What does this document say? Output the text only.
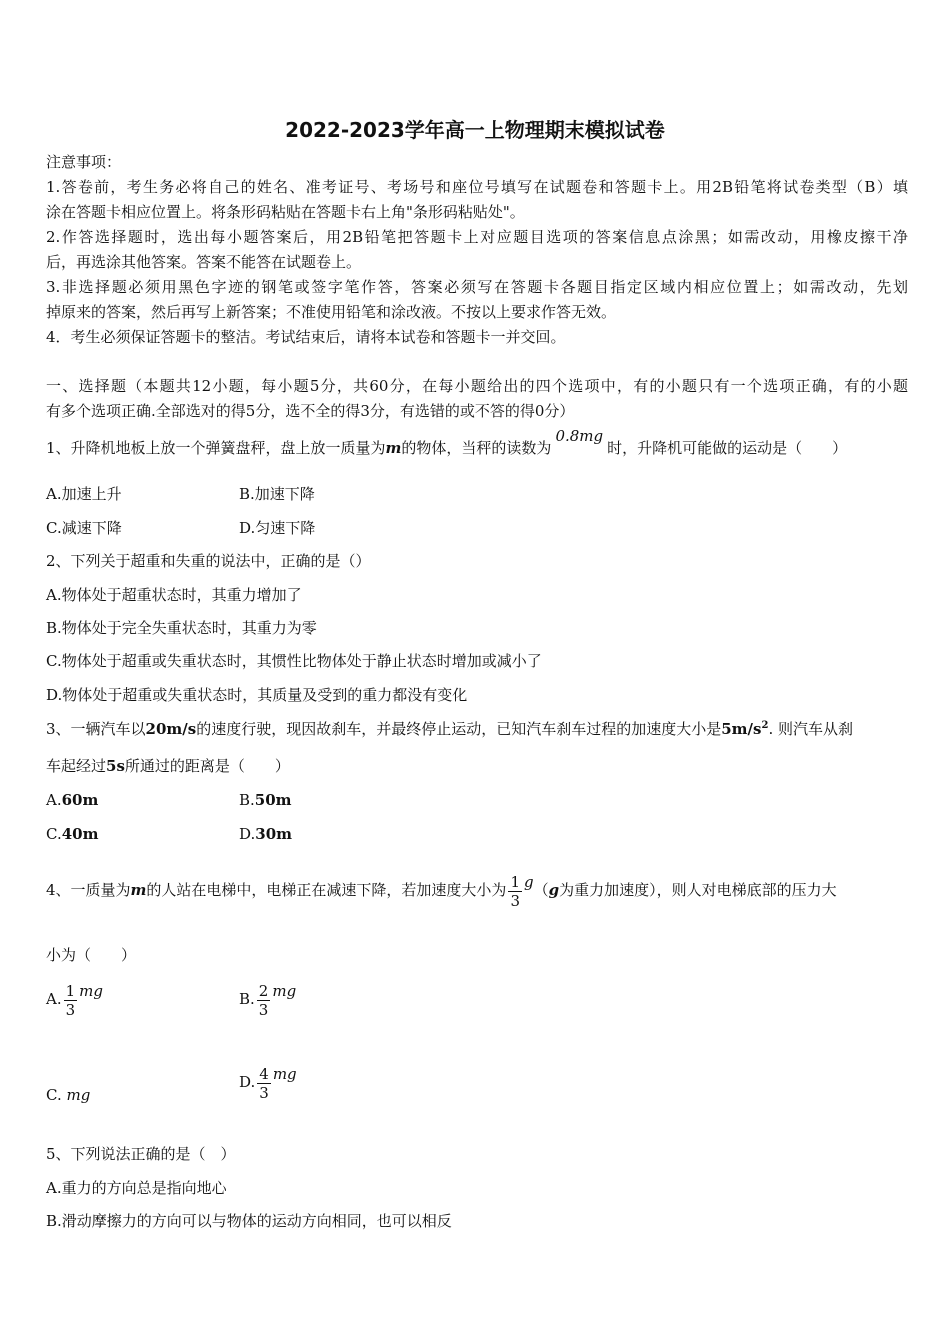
2022-2023学年高一上物理期末模拟试卷
注意事项：
1.答卷前，考生务必将自己的姓名、准考证号、考场号和座位号填写在试题卷和答题卡上。用2B铅笔将试卷类型（B）填
涂在答题卡相应位置上。将条形码粘贴在答题卡右上角"条形码粘贴处"。
2.作答选择题时，选出每小题答案后，用2B铅笔把答题卡上对应题目选项的答案信息点涂黑；如需改动，用橡皮擦干净
后，再选涂其他答案。答案不能答在试题卷上。
3.非选择题必须用黑色字迹的钢笔或签字笔作答，答案必须写在答题卡各题目指定区域内相应位置上；如需改动，先划
掉原来的答案，然后再写上新答案；不准使用铅笔和涂改液。不按以上要求作答无效。
4．考生必须保证答题卡的整洁。考试结束后，请将本试卷和答题卡一并交回。
一、选择题（本题共12小题，每小题5分，共60分，在每小题给出的四个选项中，有的小题只有一个选项正确，有的小题
有多个选项正确.全部选对的得5分，选不全的得3分，有选错的或不答的得0分）
1、升降机地板上放一个弹簧盘秤，盘上放一质量为m的物体，当秤的读数为0.8mg时，升降机可能做的运动是（　　）
A.加速上升	B.加速下降
C.减速下降	D.匀速下降
2、下列关于超重和失重的说法中，正确的是（）
A.物体处于超重状态时，其重力增加了
B.物体处于完全失重状态时，其重力为零
C.物体处于超重或失重状态时，其惯性比物体处于静止状态时增加或减小了
D.物体处于超重或失重状态时，其质量及受到的重力都没有变化
3、一辆汽车以20m/s的速度行驶，现因故刹车，并最终停止运动，已知汽车刹车过程的加速度大小是$5m/s^2$. 则汽车从刹
车起经过5s所通过的距离是（　　）
A.60m	B.50m
C.40m	D.30m
4、一质量为m的人站在电梯中，电梯正在减速下降，若加速度大小为 $\frac{1}{3} g(g$为重力加速度），则人对电梯底部的压力大
小为（　　）
A. $\frac{1}{3}$ mg	B. $\frac{2}{3}$ mg
C. mg
D. $\frac{4}{3}$ mg
5、下列说法正确的是（　）
A.重力的方向总是指向地心
B.滑动摩擦力的方向可以与物体的运动方向相同，也可以相反
